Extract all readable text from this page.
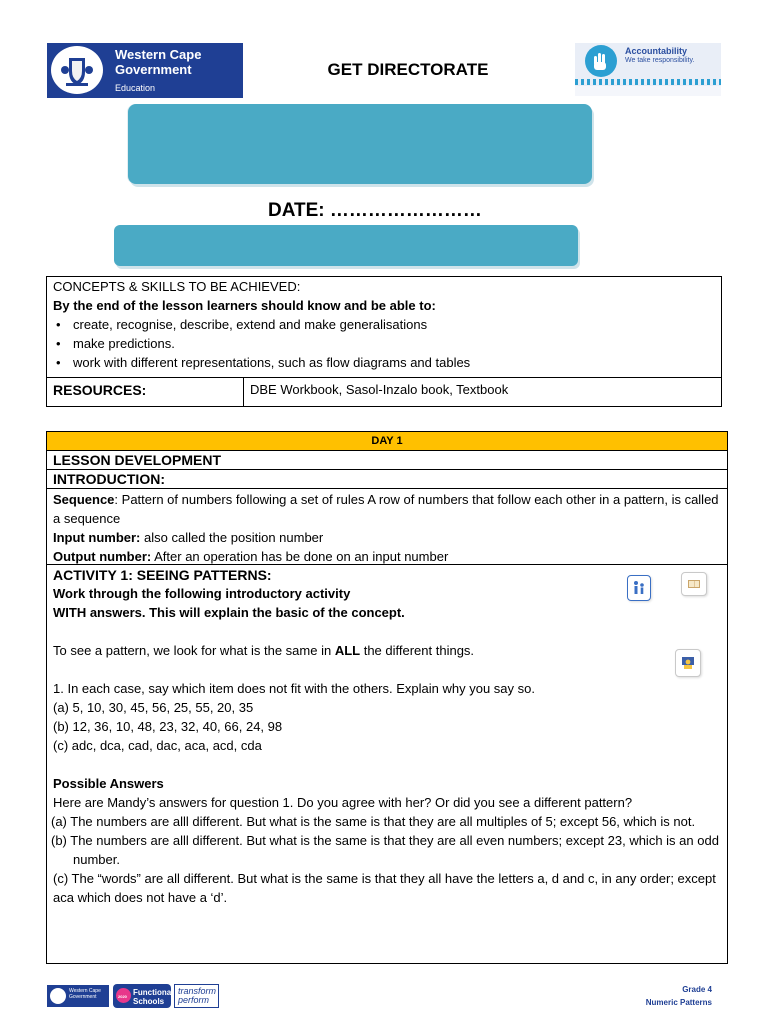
Western Cape
Government
Education
GET DIRECTORATE
Accountability
We take responsibility.
DATE: ……………………
CONCEPTS & SKILLS TO BE ACHIEVED:
By the end of the lesson learners should know and be able to:
• create, recognise, describe, extend and make generalisations
• make predictions.
• work with different representations, such as flow diagrams and tables
RESOURCES:	DBE Workbook, Sasol-Inzalo book, Textbook
DAY 1
LESSON DEVELOPMENT
INTRODUCTION:
Sequence: Pattern of numbers following a set of rules A row of numbers that follow each other in a pattern, is called a sequence
Input number: also called the position number
Output number: After an operation has be done on an input number
ACTIVITY 1: SEEING PATTERNS:
Work through the following introductory activity
WITH answers. This will explain the basic of the concept.
To see a pattern, we look for what is the same in ALL the different things.
1. In each case, say which item does not fit with the others. Explain why you say so.
(a) 5, 10, 30, 45, 56, 25, 55, 20, 35
(b) 12, 36, 10, 48, 23, 32, 40, 66, 24, 98
(c) adc, dca, cad, dac, aca, acd, cda
Possible Answers
Here are Mandy’s answers for question 1. Do you agree with her? Or did you see a different pattern?
(a) The numbers are alll different. But what is the same is that they are all multiples of 5; except 56, which is not.
(b) The numbers are alll different. But what is the same is that they are all even numbers; except 23, which is an odd number.
(c) The “words” are all different. But what is the same is that they all have the letters a, d and c, in any order; except aca which does not have a ‘d’.
Western Cape Government	Functional
Schools
2020
transform
perform
Grade 4
Numeric Patterns
